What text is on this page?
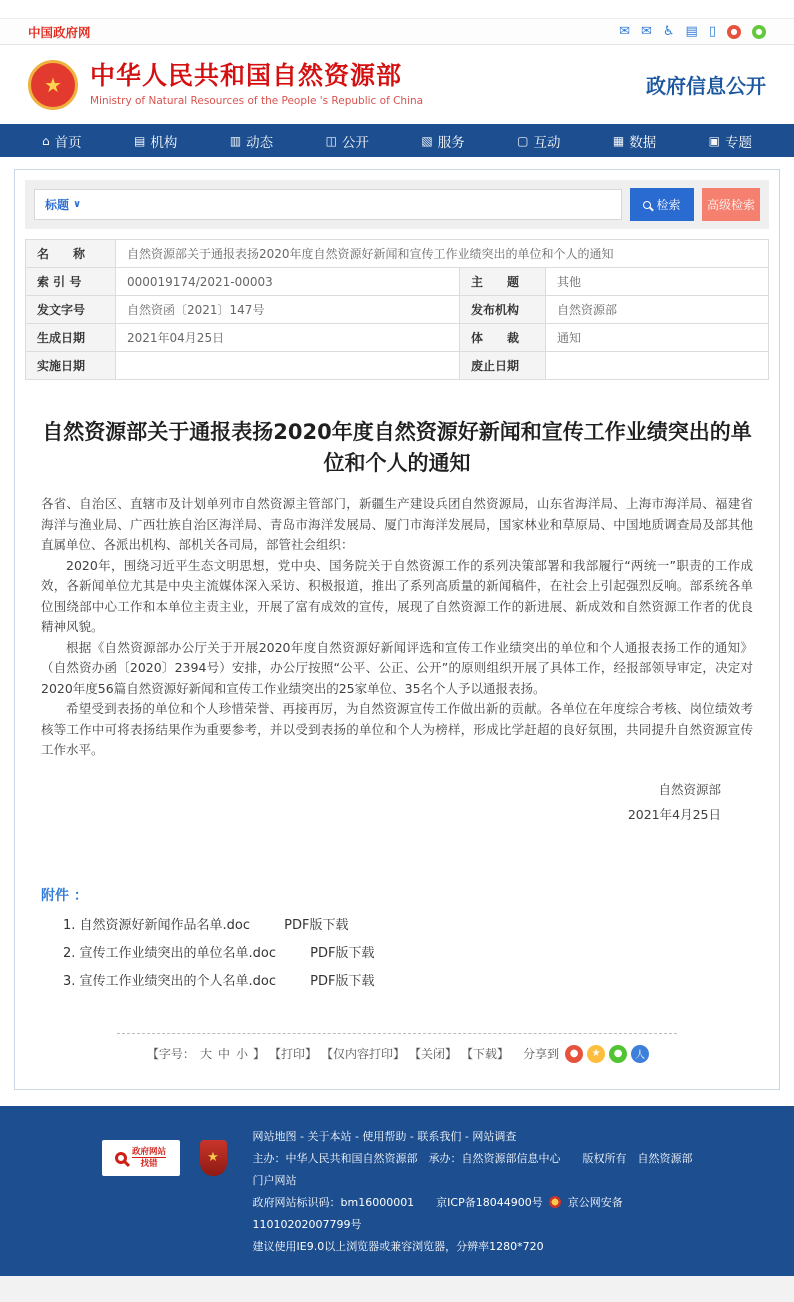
中国政府网	✉ ✉ ♿ ▤ ▯	●	●
★ 中华人民共和国自然资源部
Ministry of Natural Resources of the People 's Republic of China
政府信息公开
⌂ 首页	▤ 机构	▥ 动态	◫ 公开	▧ 服务	▢ 互动	▦ 数据	▣ 专题
标题 ∨	检索	高级检索
名　　称	自然资源部关于通报表扬2020年度自然资源好新闻和宣传工作业绩突出的单位和个人的通知		
索 引 号	000019174/2021-00003	主　　题	其他
发文字号	自然资函〔2021〕147号	发布机构	自然资源部
生成日期	2021年04月25日	体　　裁	通知
实施日期		废止日期	
自然资源部关于通报表扬2020年度自然资源好新闻和宣传工作业绩突出的单位和个人的通知

各省、自治区、直辖市及计划单列市自然资源主管部门，新疆生产建设兵团自然资源局，山东省海洋局、上海市海洋局、福建省海洋与渔业局、广西壮族自治区海洋局、青岛市海洋发展局、厦门市海洋发展局，国家林业和草原局、中国地质调查局及部其他直属单位、各派出机构、部机关各司局，部管社会组织：

2020年，围绕习近平生态文明思想，党中央、国务院关于自然资源工作的系列决策部署和我部履行“两统一”职责的工作成效，各新闻单位尤其是中央主流媒体深入采访、积极报道，推出了系列高质量的新闻稿件，在社会上引起强烈反响。部系统各单位围绕部中心工作和本单位主责主业，开展了富有成效的宣传，展现了自然资源工作的新进展、新成效和自然资源工作者的优良精神风貌。

根据《自然资源部办公厅关于开展2020年度自然资源好新闻评选和宣传工作业绩突出的单位和个人通报表扬工作的通知》（自然资办函〔2020〕2394号）安排，办公厅按照“公平、公正、公开”的原则组织开展了具体工作，经报部领导审定，决定对2020年度56篇自然资源好新闻和宣传工作业绩突出的25家单位、35名个人予以通报表扬。

希望受到表扬的单位和个人珍惜荣誉、再接再厉，为自然资源宣传工作做出新的贡献。各单位在年度综合考核、岗位绩效考核等工作中可将表扬结果作为重要参考，并以受到表扬的单位和个人为榜样，形成比学赶超的良好氛围，共同提升自然资源宣传工作水平。

自然资源部
2021年4月25日
附件 ：
1. 自然资源好新闻作品名单.doc	PDF版下载
2. 宣传工作业绩突出的单位名单.doc	PDF版下载
3. 宣传工作业绩突出的个人名单.doc	PDF版下载
【字号： 大 中 小 】 【打印】 【仅内容打印】 【关闭】 【下载】 分享到	●	★	●	人
政府网站
找错	★
网站地图 - 关于本站 - 使用帮助 - 联系我们 - 网站调查
主办：中华人民共和国自然资源部　承办：自然资源部信息中心　　版权所有　自然资源部门户网站
政府网站标识码：bm16000001　　京ICP备18044900号 京公网安备 11010202007799号
建议使用IE9.0以上浏览器或兼容浏览器，分辨率1280*720
